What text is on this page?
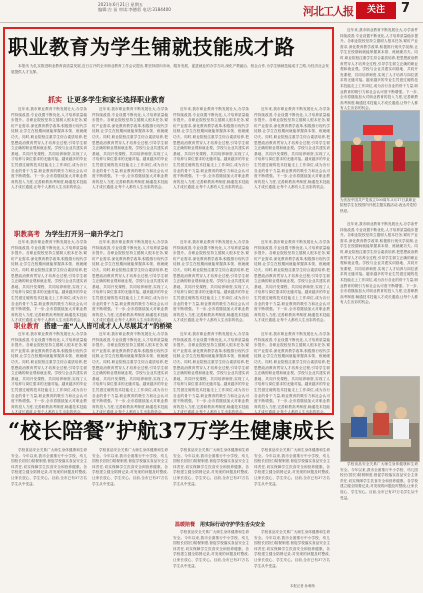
2021年6月21日 星期五
编辑:吉 苗 审读:李德彩 电话:3184400	河北工人报	关注	7
职业教育为学生铺就技能成才路

本报讯 为扎实推进职业教育高质量发展,近日召开的全市职业教育工作会议提出,要坚持面向市场、服务发展、促进就业的办学方向,深化产教融合、校企合作,为学生铺就技能成才之路,为经济社会发展提供人才支撑。

抓实 让更多学生和家长选择职业教育

近年来,我市职业教育不断发展壮大,办学条件持续改善,专业设置不断优化,人才培养质量稳步提升。各职业院校坚持立德树人根本任务,紧盯产业需求,深化教育教学改革,积极推行现代学徒制,让学生在校期间就能掌握真本领、练就硬功夫。同时,职业院校注重学生综合素质培养,把思想政治教育贯穿人才培养全过程,引导学生树立正确的职业观和就业观。学校与企业共建实训基地、共同开发课程、共同培养师资,实现了人才培养与岗位需求的无缝对接。越来越多的毕业生凭借过硬的技术技能走上工作岗位,成为各行各业的骨干力量,职业教育的吸引力和社会认可度不断增强。下一步,全市将继续加大对职业教育的投入力度,完善职教高考制度,畅通技术技能人才成长通道,让每个人都有人生出彩的机会。

近年来,我市职业教育不断发展壮大,办学条件持续改善,专业设置不断优化,人才培养质量稳步提升。各职业院校坚持立德树人根本任务,紧盯产业需求,深化教育教学改革,积极推行现代学徒制,让学生在校期间就能掌握真本领、练就硬功夫。同时,职业院校注重学生综合素质培养,把思想政治教育贯穿人才培养全过程,引导学生树立正确的职业观和就业观。学校与企业共建实训基地、共同开发课程、共同培养师资,实现了人才培养与岗位需求的无缝对接。越来越多的毕业生凭借过硬的技术技能走上工作岗位,成为各行各业的骨干力量,职业教育的吸引力和社会认可度不断增强。下一步,全市将继续加大对职业教育的投入力度,完善职教高考制度,畅通技术技能人才成长通道,让每个人都有人生出彩的机会。

近年来,我市职业教育不断发展壮大,办学条件持续改善,专业设置不断优化,人才培养质量稳步提升。各职业院校坚持立德树人根本任务,紧盯产业需求,深化教育教学改革,积极推行现代学徒制,让学生在校期间就能掌握真本领、练就硬功夫。同时,职业院校注重学生综合素质培养,把思想政治教育贯穿人才培养全过程,引导学生树立正确的职业观和就业观。学校与企业共建实训基地、共同开发课程、共同培养师资,实现了人才培养与岗位需求的无缝对接。越来越多的毕业生凭借过硬的技术技能走上工作岗位,成为各行各业的骨干力量,职业教育的吸引力和社会认可度不断增强。下一步,全市将继续加大对职业教育的投入力度,完善职教高考制度,畅通技术技能人才成长通道,让每个人都有人生出彩的机会。

近年来,我市职业教育不断发展壮大,办学条件持续改善,专业设置不断优化,人才培养质量稳步提升。各职业院校坚持立德树人根本任务,紧盯产业需求,深化教育教学改革,积极推行现代学徒制,让学生在校期间就能掌握真本领、练就硬功夫。同时,职业院校注重学生综合素质培养,把思想政治教育贯穿人才培养全过程,引导学生树立正确的职业观和就业观。学校与企业共建实训基地、共同开发课程、共同培养师资,实现了人才培养与岗位需求的无缝对接。越来越多的毕业生凭借过硬的技术技能走上工作岗位,成为各行各业的骨干力量,职业教育的吸引力和社会认可度不断增强。下一步,全市将继续加大对职业教育的投入力度,完善职教高考制度,畅通技术技能人才成长通道,让每个人都有人生出彩的机会。

职教高考 为学生打开另一扇升学之门

近年来,我市职业教育不断发展壮大,办学条件持续改善,专业设置不断优化,人才培养质量稳步提升。各职业院校坚持立德树人根本任务,紧盯产业需求,深化教育教学改革,积极推行现代学徒制,让学生在校期间就能掌握真本领、练就硬功夫。同时,职业院校注重学生综合素质培养,把思想政治教育贯穿人才培养全过程,引导学生树立正确的职业观和就业观。学校与企业共建实训基地、共同开发课程、共同培养师资,实现了人才培养与岗位需求的无缝对接。越来越多的毕业生凭借过硬的技术技能走上工作岗位,成为各行各业的骨干力量,职业教育的吸引力和社会认可度不断增强。下一步,全市将继续加大对职业教育的投入力度,完善职教高考制度,畅通技术技能人才成长通道,让每个人都有人生出彩的机会。

近年来,我市职业教育不断发展壮大,办学条件持续改善,专业设置不断优化,人才培养质量稳步提升。各职业院校坚持立德树人根本任务,紧盯产业需求,深化教育教学改革,积极推行现代学徒制,让学生在校期间就能掌握真本领、练就硬功夫。同时,职业院校注重学生综合素质培养,把思想政治教育贯穿人才培养全过程,引导学生树立正确的职业观和就业观。学校与企业共建实训基地、共同开发课程、共同培养师资,实现了人才培养与岗位需求的无缝对接。越来越多的毕业生凭借过硬的技术技能走上工作岗位,成为各行各业的骨干力量,职业教育的吸引力和社会认可度不断增强。下一步,全市将继续加大对职业教育的投入力度,完善职教高考制度,畅通技术技能人才成长通道,让每个人都有人生出彩的机会。

近年来,我市职业教育不断发展壮大,办学条件持续改善,专业设置不断优化,人才培养质量稳步提升。各职业院校坚持立德树人根本任务,紧盯产业需求,深化教育教学改革,积极推行现代学徒制,让学生在校期间就能掌握真本领、练就硬功夫。同时,职业院校注重学生综合素质培养,把思想政治教育贯穿人才培养全过程,引导学生树立正确的职业观和就业观。学校与企业共建实训基地、共同开发课程、共同培养师资,实现了人才培养与岗位需求的无缝对接。越来越多的毕业生凭借过硬的技术技能走上工作岗位,成为各行各业的骨干力量,职业教育的吸引力和社会认可度不断增强。下一步,全市将继续加大对职业教育的投入力度,完善职教高考制度,畅通技术技能人才成长通道,让每个人都有人生出彩的机会。

近年来,我市职业教育不断发展壮大,办学条件持续改善,专业设置不断优化,人才培养质量稳步提升。各职业院校坚持立德树人根本任务,紧盯产业需求,深化教育教学改革,积极推行现代学徒制,让学生在校期间就能掌握真本领、练就硬功夫。同时,职业院校注重学生综合素质培养,把思想政治教育贯穿人才培养全过程,引导学生树立正确的职业观和就业观。学校与企业共建实训基地、共同开发课程、共同培养师资,实现了人才培养与岗位需求的无缝对接。越来越多的毕业生凭借过硬的技术技能走上工作岗位,成为各行各业的骨干力量,职业教育的吸引力和社会认可度不断增强。下一步,全市将继续加大对职业教育的投入力度,完善职教高考制度,畅通技术技能人才成长通道,让每个人都有人生出彩的机会。

职业教育 搭建一座“人人皆可成才人人尽展其才”的桥梁

近年来,我市职业教育不断发展壮大,办学条件持续改善,专业设置不断优化,人才培养质量稳步提升。各职业院校坚持立德树人根本任务,紧盯产业需求,深化教育教学改革,积极推行现代学徒制,让学生在校期间就能掌握真本领、练就硬功夫。同时,职业院校注重学生综合素质培养,把思想政治教育贯穿人才培养全过程,引导学生树立正确的职业观和就业观。学校与企业共建实训基地、共同开发课程、共同培养师资,实现了人才培养与岗位需求的无缝对接。越来越多的毕业生凭借过硬的技术技能走上工作岗位,成为各行各业的骨干力量,职业教育的吸引力和社会认可度不断增强。下一步,全市将继续加大对职业教育的投入力度,完善职教高考制度,畅通技术技能人才成长通道,让每个人都有人生出彩的机会。

近年来,我市职业教育不断发展壮大,办学条件持续改善,专业设置不断优化,人才培养质量稳步提升。各职业院校坚持立德树人根本任务,紧盯产业需求,深化教育教学改革,积极推行现代学徒制,让学生在校期间就能掌握真本领、练就硬功夫。同时,职业院校注重学生综合素质培养,把思想政治教育贯穿人才培养全过程,引导学生树立正确的职业观和就业观。学校与企业共建实训基地、共同开发课程、共同培养师资,实现了人才培养与岗位需求的无缝对接。越来越多的毕业生凭借过硬的技术技能走上工作岗位,成为各行各业的骨干力量,职业教育的吸引力和社会认可度不断增强。下一步,全市将继续加大对职业教育的投入力度,完善职教高考制度,畅通技术技能人才成长通道,让每个人都有人生出彩的机会。

近年来,我市职业教育不断发展壮大,办学条件持续改善,专业设置不断优化,人才培养质量稳步提升。各职业院校坚持立德树人根本任务,紧盯产业需求,深化教育教学改革,积极推行现代学徒制,让学生在校期间就能掌握真本领、练就硬功夫。同时,职业院校注重学生综合素质培养,把思想政治教育贯穿人才培养全过程,引导学生树立正确的职业观和就业观。学校与企业共建实训基地、共同开发课程、共同培养师资,实现了人才培养与岗位需求的无缝对接。越来越多的毕业生凭借过硬的技术技能走上工作岗位,成为各行各业的骨干力量,职业教育的吸引力和社会认可度不断增强。下一步,全市将继续加大对职业教育的投入力度,完善职教高考制度,畅通技术技能人才成长通道,让每个人都有人生出彩的机会。

近年来,我市职业教育不断发展壮大,办学条件持续改善,专业设置不断优化,人才培养质量稳步提升。各职业院校坚持立德树人根本任务,紧盯产业需求,深化教育教学改革,积极推行现代学徒制,让学生在校期间就能掌握真本领、练就硬功夫。同时,职业院校注重学生综合素质培养,把思想政治教育贯穿人才培养全过程,引导学生树立正确的职业观和就业观。学校与企业共建实训基地、共同开发课程、共同培养师资,实现了人才培养与岗位需求的无缝对接。越来越多的毕业生凭借过硬的技术技能走上工作岗位,成为各行各业的骨干力量,职业教育的吸引力和社会认可度不断增强。下一步,全市将继续加大对职业教育的投入力度,完善职教高考制度,畅通技术技能人才成长通道,让每个人都有人生出彩的机会。

近年来,我市职业教育不断发展壮大,办学条件持续改善,专业设置不断优化,人才培养质量稳步提升。各职业院校坚持立德树人根本任务,紧盯产业需求,深化教育教学改革,积极推行现代学徒制,让学生在校期间就能掌握真本领、练就硬功夫。同时,职业院校注重学生综合素质培养,把思想政治教育贯穿人才培养全过程,引导学生树立正确的职业观和就业观。学校与企业共建实训基地、共同开发课程、共同培养师资,实现了人才培养与岗位需求的无缝对接。越来越多的毕业生凭借过硬的技术技能走上工作岗位,成为各行各业的骨干力量,职业教育的吸引力和社会认可度不断增强。下一步,全市将继续加大对职业教育的投入力度,完善职教高考制度,畅通技术技能人才成长通道,让每个人都有人生出彩的机会。

为庆祝中国共产党成立100周年,5月17日某职业院校学生在校园内开展主题实践活动,表达对党的热爱。

近年来,我市职业教育不断发展壮大,办学条件持续改善,专业设置不断优化,人才培养质量稳步提升。各职业院校坚持立德树人根本任务,紧盯产业需求,深化教育教学改革,积极推行现代学徒制,让学生在校期间就能掌握真本领、练就硬功夫。同时,职业院校注重学生综合素质培养,把思想政治教育贯穿人才培养全过程,引导学生树立正确的职业观和就业观。学校与企业共建实训基地、共同开发课程、共同培养师资,实现了人才培养与岗位需求的无缝对接。越来越多的毕业生凭借过硬的技术技能走上工作岗位,成为各行各业的骨干力量,职业教育的吸引力和社会认可度不断增强。下一步,全市将继续加大对职业教育的投入力度,完善职教高考制度,畅通技术技能人才成长通道,让每个人都有人生出彩的机会。

学校食品安全关系广大师生身体健康和生命安全。今年以来,我市全面推行中小学校、幼儿园校长(园长)陪餐制度,督促学校落实食品安全主体责任,切实保障学生饮食安全和营养健康。各学校建立健全陪餐记录,对发现的问题及时整改,让家长放心、学生安心。目前,全市已有37万名学生从中受益。

“校长陪餐”护航37万学生健康成长

学校食品安全关系广大师生身体健康和生命安全。今年以来,我市全面推行中小学校、幼儿园校长(园长)陪餐制度,督促学校落实食品安全主体责任,切实保障学生饮食安全和营养健康。各学校建立健全陪餐记录,对发现的问题及时整改,让家长放心、学生安心。目前,全市已有37万名学生从中受益。

学校食品安全关系广大师生身体健康和生命安全。今年以来,我市全面推行中小学校、幼儿园校长(园长)陪餐制度,督促学校落实食品安全主体责任,切实保障学生饮食安全和营养健康。各学校建立健全陪餐记录,对发现的问题及时整改,让家长放心、学生安心。目前,全市已有37万名学生从中受益。

学校食品安全关系广大师生身体健康和生命安全。今年以来,我市全面推行中小学校、幼儿园校长(园长)陪餐制度,督促学校落实食品安全主体责任,切实保障学生饮食安全和营养健康。各学校建立健全陪餐记录,对发现的问题及时整改,让家长放心、学生安心。目前,全市已有37万名学生从中受益。

学校食品安全关系广大师生身体健康和生命安全。今年以来,我市全面推行中小学校、幼儿园校长(园长)陪餐制度,督促学校落实食品安全主体责任,切实保障学生饮食安全和营养健康。各学校建立健全陪餐记录,对发现的问题及时整改,让家长放心、学生安心。目前,全市已有37万名学生从中受益。

温暖陪餐 用实际行动守护学生舌尖安全

学校食品安全关系广大师生身体健康和生命安全。今年以来,我市全面推行中小学校、幼儿园校长(园长)陪餐制度,督促学校落实食品安全主体责任,切实保障学生饮食安全和营养健康。各学校建立健全陪餐记录,对发现的问题及时整改,让家长放心、学生安心。目前,全市已有37万名学生从中受益。

学校食品安全关系广大师生身体健康和生命安全。今年以来,我市全面推行中小学校、幼儿园校长(园长)陪餐制度,督促学校落实食品安全主体责任,切实保障学生饮食安全和营养健康。各学校建立健全陪餐记录,对发现的问题及时整改,让家长放心、学生安心。目前,全市已有37万名学生从中受益。

本报记者 孙萌萌
